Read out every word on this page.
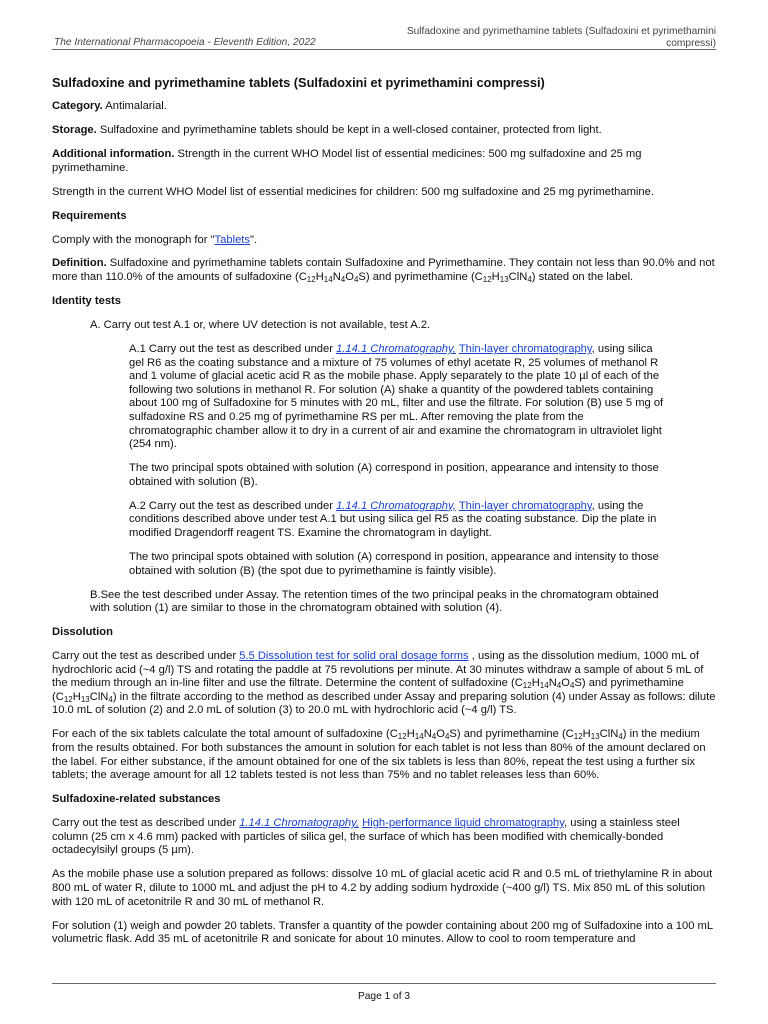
The International Pharmacopoeia - Eleventh Edition, 2022
Sulfadoxine and pyrimethamine tablets (Sulfadoxini et pyrimethamini compressi)

Sulfadoxine and pyrimethamine tablets (Sulfadoxini et pyrimethamini compressi)

Category. Antimalarial.

Storage. Sulfadoxine and pyrimethamine tablets should be kept in a well-closed container, protected from light.

Additional information. Strength in the current WHO Model list of essential medicines: 500 mg sulfadoxine and 25 mg pyrimethamine.

Strength in the current WHO Model list of essential medicines for children: 500 mg sulfadoxine and 25 mg pyrimethamine.

Requirements

Comply with the monograph for "Tablets".

Definition. Sulfadoxine and pyrimethamine tablets contain Sulfadoxine and Pyrimethamine. They contain not less than 90.0% and not more than 110.0% of the amounts of sulfadoxine $(C_{12}H_{14}N_4O_4S)$ and pyrimethamine $(C_{12}H_{13}ClN_4)$ stated on the label.

Identity tests

A. Carry out test A.1 or, where UV detection is not available, test A.2.

A.1 Carry out the test as described under 1.14.1 Chromatography, Thin-layer chromatography, using silica gel R6 as the coating substance and a mixture of 75 volumes of ethyl acetate R, 25 volumes of methanol R and 1 volume of glacial acetic acid R as the mobile phase. Apply separately to the plate 10 µl of each of the following two solutions in methanol R. For solution (A) shake a quantity of the powdered tablets containing about 100 mg of Sulfadoxine for 5 minutes with 20 mL, filter and use the filtrate. For solution (B) use 5 mg of sulfadoxine RS and 0.25 mg of pyrimethamine RS per mL. After removing the plate from the chromatographic chamber allow it to dry in a current of air and examine the chromatogram in ultraviolet light (254 nm).

The two principal spots obtained with solution (A) correspond in position, appearance and intensity to those obtained with solution (B).

A.2 Carry out the test as described under 1.14.1 Chromatography, Thin-layer chromatography, using the conditions described above under test A.1 but using silica gel R5 as the coating substance. Dip the plate in modified Dragendorff reagent TS. Examine the chromatogram in daylight.

The two principal spots obtained with solution (A) correspond in position, appearance and intensity to those obtained with solution (B) (the spot due to pyrimethamine is faintly visible).

B.See the test described under Assay. The retention times of the two principal peaks in the chromatogram obtained with solution (1) are similar to those in the chromatogram obtained with solution (4).

Dissolution

Carry out the test as described under 5.5 Dissolution test for solid oral dosage forms , using as the dissolution medium, 1000 mL of hydrochloric acid (~4 g/l) TS and rotating the paddle at 75 revolutions per minute. At 30 minutes withdraw a sample of about 5 mL of the medium through an in-line filter and use the filtrate. Determine the content of sulfadoxine $(C_{12}H_{14}N_4O_4S)$ and pyrimethamine $(C_{12}H_{13}ClN_4)$ in the filtrate according to the method as described under Assay and preparing solution (4) under Assay as follows: dilute 10.0 mL of solution (2) and 2.0 mL of solution (3) to 20.0 mL with hydrochloric acid (~4 g/l) TS.

For each of the six tablets calculate the total amount of sulfadoxine $(C_{12}H_{14}N_4O_4S)$ and pyrimethamine $(C_{12}H_{13}ClN_4)$ in the medium from the results obtained. For both substances the amount in solution for each tablet is not less than 80% of the amount declared on the label. For either substance, if the amount obtained for one of the six tablets is less than 80%, repeat the test using a further six tablets; the average amount for all 12 tablets tested is not less than 75% and no tablet releases less than 60%.

Sulfadoxine-related substances

Carry out the test as described under 1.14.1 Chromatography, High-performance liquid chromatography, using a stainless steel column (25 cm x 4.6 mm) packed with particles of silica gel, the surface of which has been modified with chemically-bonded octadecylsilyl groups (5 µm).

As the mobile phase use a solution prepared as follows: dissolve 10 mL of glacial acetic acid R and 0.5 mL of triethylamine R in about 800 mL of water R, dilute to 1000 mL and adjust the pH to 4.2 by adding sodium hydroxide (~400 g/l) TS. Mix 850 mL of this solution with 120 mL of acetonitrile R and 30 mL of methanol R.

For solution (1) weigh and powder 20 tablets. Transfer a quantity of the powder containing about 200 mg of Sulfadoxine into a 100 mL volumetric flask. Add 35 mL of acetonitrile R and sonicate for about 10 minutes. Allow to cool to room temperature and

Page 1 of 3
